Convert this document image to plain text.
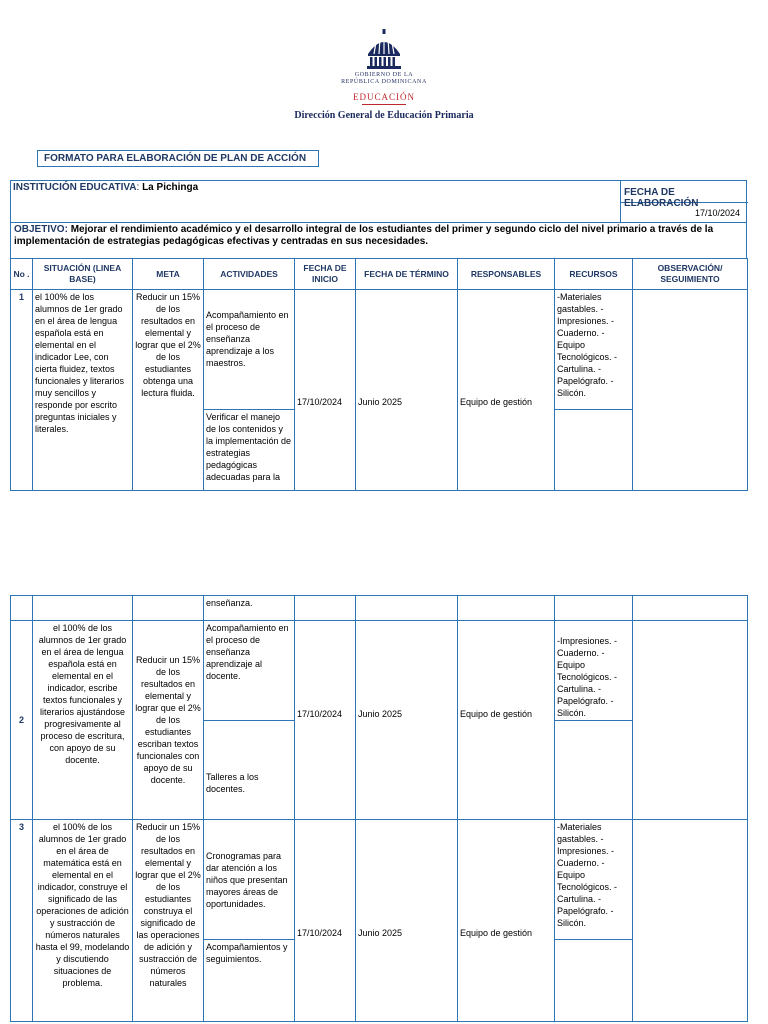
GOBIERNO DE LA
REPÚBLICA DOMINICANA
EDUCACIÓN
Dirección General de Educación Primaria
FORMATO PARA ELABORACIÓN DE PLAN DE ACCIÓN
INSTITUCIÓN EDUCATIVA: La Pichinga	FECHA DE ELABORACIÓN
17/10/2024
OBJETIVO: Mejorar el rendimiento académico y el desarrollo integral de los estudiantes del primer y segundo ciclo del nivel primario a través de la implementación de estrategias pedagógicas efectivas y centradas en sus necesidades.
No .	SITUACIÓN (LINEA BASE)	META	ACTIVIDADES	FECHA DE INICIO	FECHA DE TÉRMINO	RESPONSABLES	RECURSOS	OBSERVACIÓN/ SEGUIMIENTO
1	el 100% de los alumnos de 1er grado en el área de lengua española está en elemental en el indicador Lee, con cierta fluidez, textos funcionales y literarios muy sencillos y responde por escrito preguntas iniciales y literales.	Reducir un 15% de los resultados en elemental y lograr que el 2% de los estudiantes obtenga una lectura fluida.	Acompañamiento en el proceso de enseñanza aprendizaje a los maestros.	17/10/2024	Junio 2025	Equipo de gestión	-Materiales gastables. -Impresiones. -Cuaderno. -Equipo Tecnológicos. -Cartulina. -Papelógrafo. -Silicón.	
			Verificar el manejo de los contenidos y la implementación de estrategias pedagógicas adecuadas para la					
			enseñanza.					
2	el 100% de los alumnos de 1er grado en el área de lengua española está en elemental en el indicador, escribe textos funcionales y literarios ajustándose progresivamente al proceso de escritura, con apoyo de su docente.	Reducir un 15% de los resultados en elemental y lograr que el 2% de los estudiantes escriban textos funcionales con apoyo de su docente.	Acompañamiento en el proceso de enseñanza aprendizaje al docente.	17/10/2024	Junio 2025	Equipo de gestión	-Impresiones. -Cuaderno. -Equipo Tecnológicos. -Cartulina. -Papelógrafo. -Silicón.	
			Talleres a los docentes.					
3	el 100% de los alumnos de 1er grado en el área de matemática está en elemental en el indicador, construye el significado de las operaciones de adición y sustracción de números naturales hasta el 99, modelando y discutiendo situaciones de problema.	Reducir un 15% de los resultados en elemental y lograr que el 2% de los estudiantes construya el significado de las operaciones de adición y sustracción de números naturales	Cronogramas para dar atención a los niños que presentan mayores áreas de oportunidades.	17/10/2024	Junio 2025	Equipo de gestión	-Materiales gastables. -Impresiones. -Cuaderno. -Equipo Tecnológicos. -Cartulina. -Papelógrafo. -Silicón.	
			Acompañamientos y seguimientos.					
